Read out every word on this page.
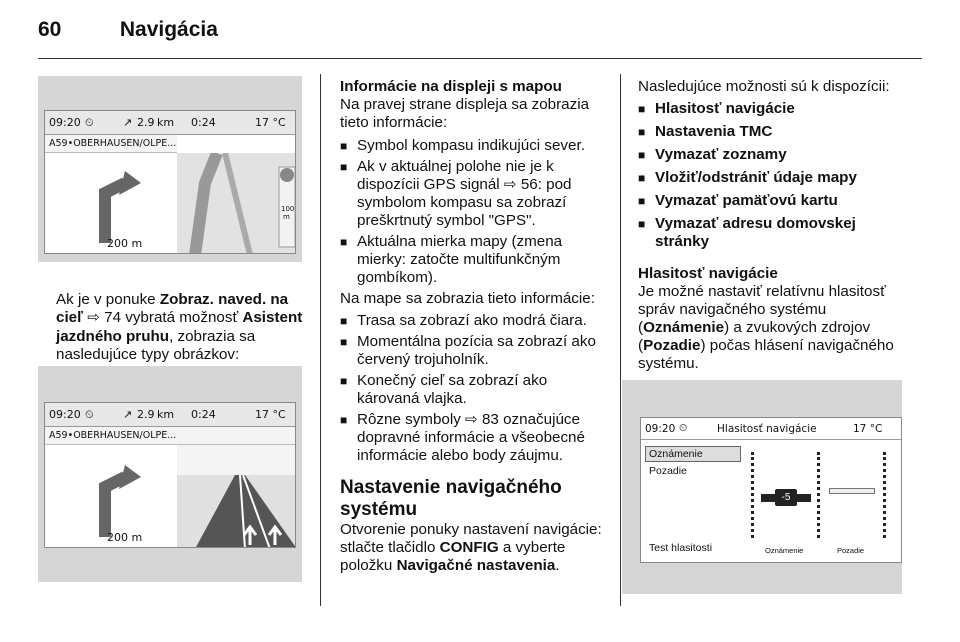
60	Navigácia
09:20 ⏲	↗ 2.9 km 0:24	17 °C
A59•OBERHAUSEN/OLPE...
200 m
100
m
Ak je v ponuke Zobraz. naved. na cieľ ⇨ 74 vybratá možnosť Asistent jazdného pruhu, zobrazia sa nasledujúce typy obrázkov:
09:20 ⏲	↗ 2.9 km 0:24	17 °C
A59•OBERHAUSEN/OLPE...
200 m
Informácie na displeji s mapou

Na pravej strane displeja sa zobrazia tieto informácie:

■ Symbol kompasu indikujúci sever.
■ Ak v aktuálnej polohe nie je k dispozícii GPS signál ⇨ 56: pod symbolom kompasu sa zobrazí preškrtnutý symbol "GPS".
■ Aktuálna mierka mapy (zmena mierky: zatočte multifunkčným gombíkom).

Na mape sa zobrazia tieto informácie:

■ Trasa sa zobrazí ako modrá čiara.
■ Momentálna pozícia sa zobrazí ako červený trojuholník.
■ Konečný cieľ sa zobrazí ako károvaná vlajka.
■ Rôzne symboly ⇨ 83 označujúce dopravné informácie a všeobecné informácie alebo body záujmu.
Nastavenie navigačného systému

Otvorenie ponuky nastavení navigácie: stlačte tlačidlo CONFIG a vyberte položku Navigačné nastavenia.

Nasledujúce možnosti sú k dispozícii:

■ Hlasitosť navigácie
■ Nastavenia TMC
■ Vymazať zoznamy
■ Vložiť/odstrániť údaje mapy
■ Vymazať pamäťovú kartu
■ Vymazať adresu domovskej stránky
Hlasitosť navigácie

Je možné nastaviť relatívnu hlasitosť správ navigačného systému (Oznámenie) a zvukových zdrojov (Pozadie) počas hlásení navigačného systému.

09:20 ⏲	Hlasitosť navigácie	17 °C
Oznámenie
Pozadie
Test hlasitosti
-5
Oznámenie	Pozadie
